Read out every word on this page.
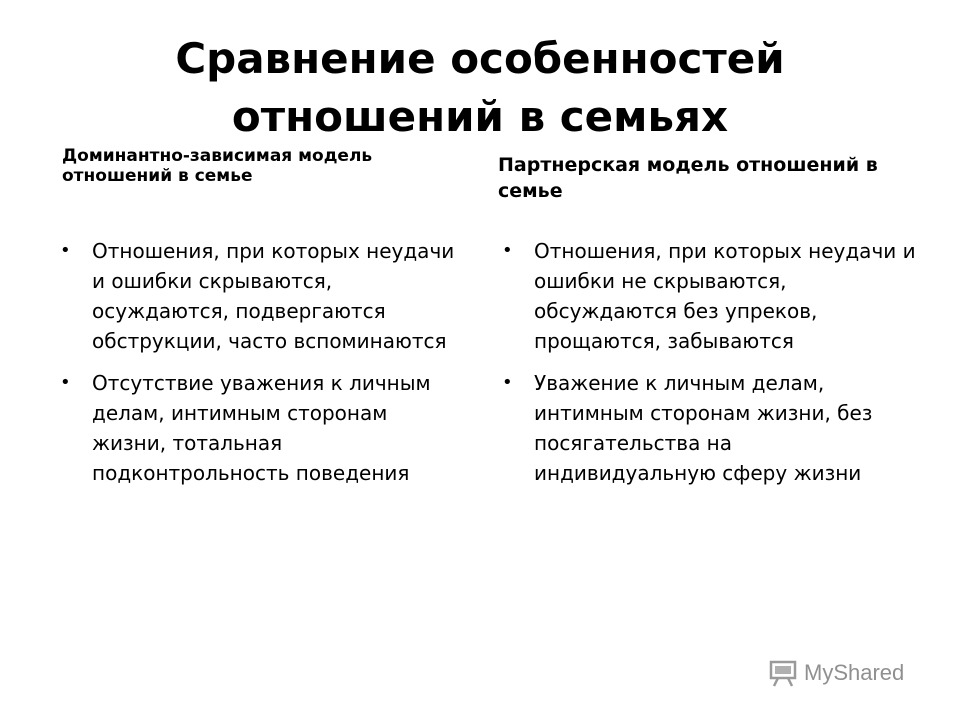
Сравнение особенностей отношений в семьях
Доминантно-зависимая модель отношений в семье	Партнерская модель отношений в семье
• Отношения, при которых неудачи и ошибки скрываются, осуждаются, подвергаются обструкции, часто вспоминаются
• Отсутствие уважения к личным делам, интимным сторонам жизни, тотальная подконтрольность поведения
• Отношения, при которых неудачи и ошибки не скрываются, обсуждаются без упреков, прощаются, забываются
• Уважение к личным делам, интимным сторонам жизни, без посягательства на индивидуальную сферу жизни
MyShared
